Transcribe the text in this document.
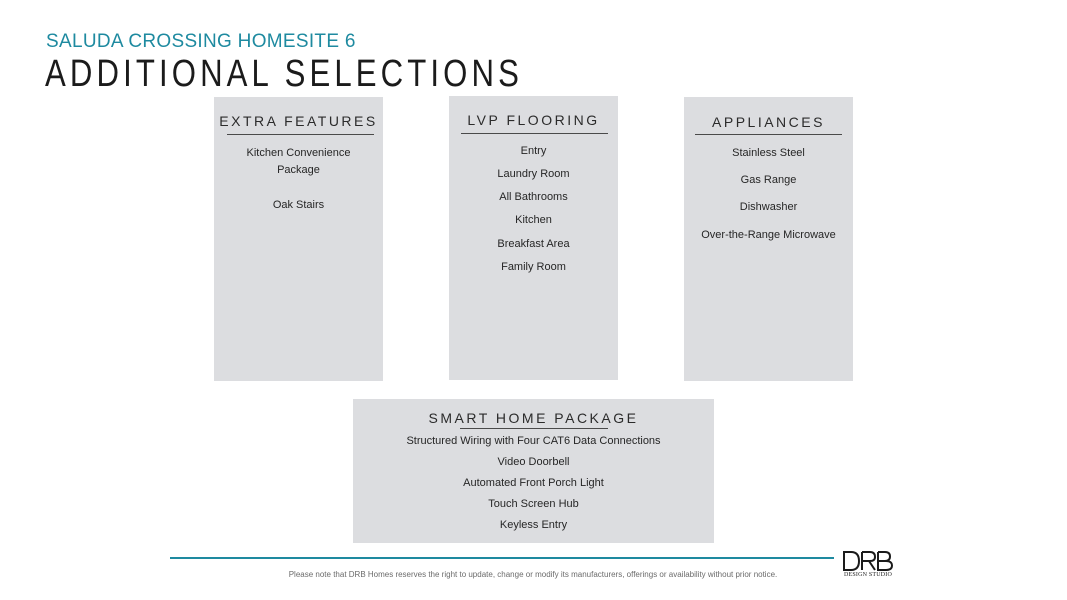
SALUDA CROSSING HOMESITE 6
ADDITIONAL SELECTIONS
EXTRA FEATURES
Kitchen Convenience Package
Oak Stairs
LVP FLOORING
Entry
Laundry Room
All Bathrooms
Kitchen
Breakfast Area
Family Room
APPLIANCES
Stainless Steel
Gas Range
Dishwasher
Over-the-Range Microwave
SMART HOME PACKAGE
Structured Wiring with Four CAT6 Data Connections
Video Doorbell
Automated Front Porch Light
Touch Screen Hub
Keyless Entry
Please note that DRB Homes reserves the right to update, change or modify its manufacturers, offerings or availability without prior notice.	DESIGN STUDIO
